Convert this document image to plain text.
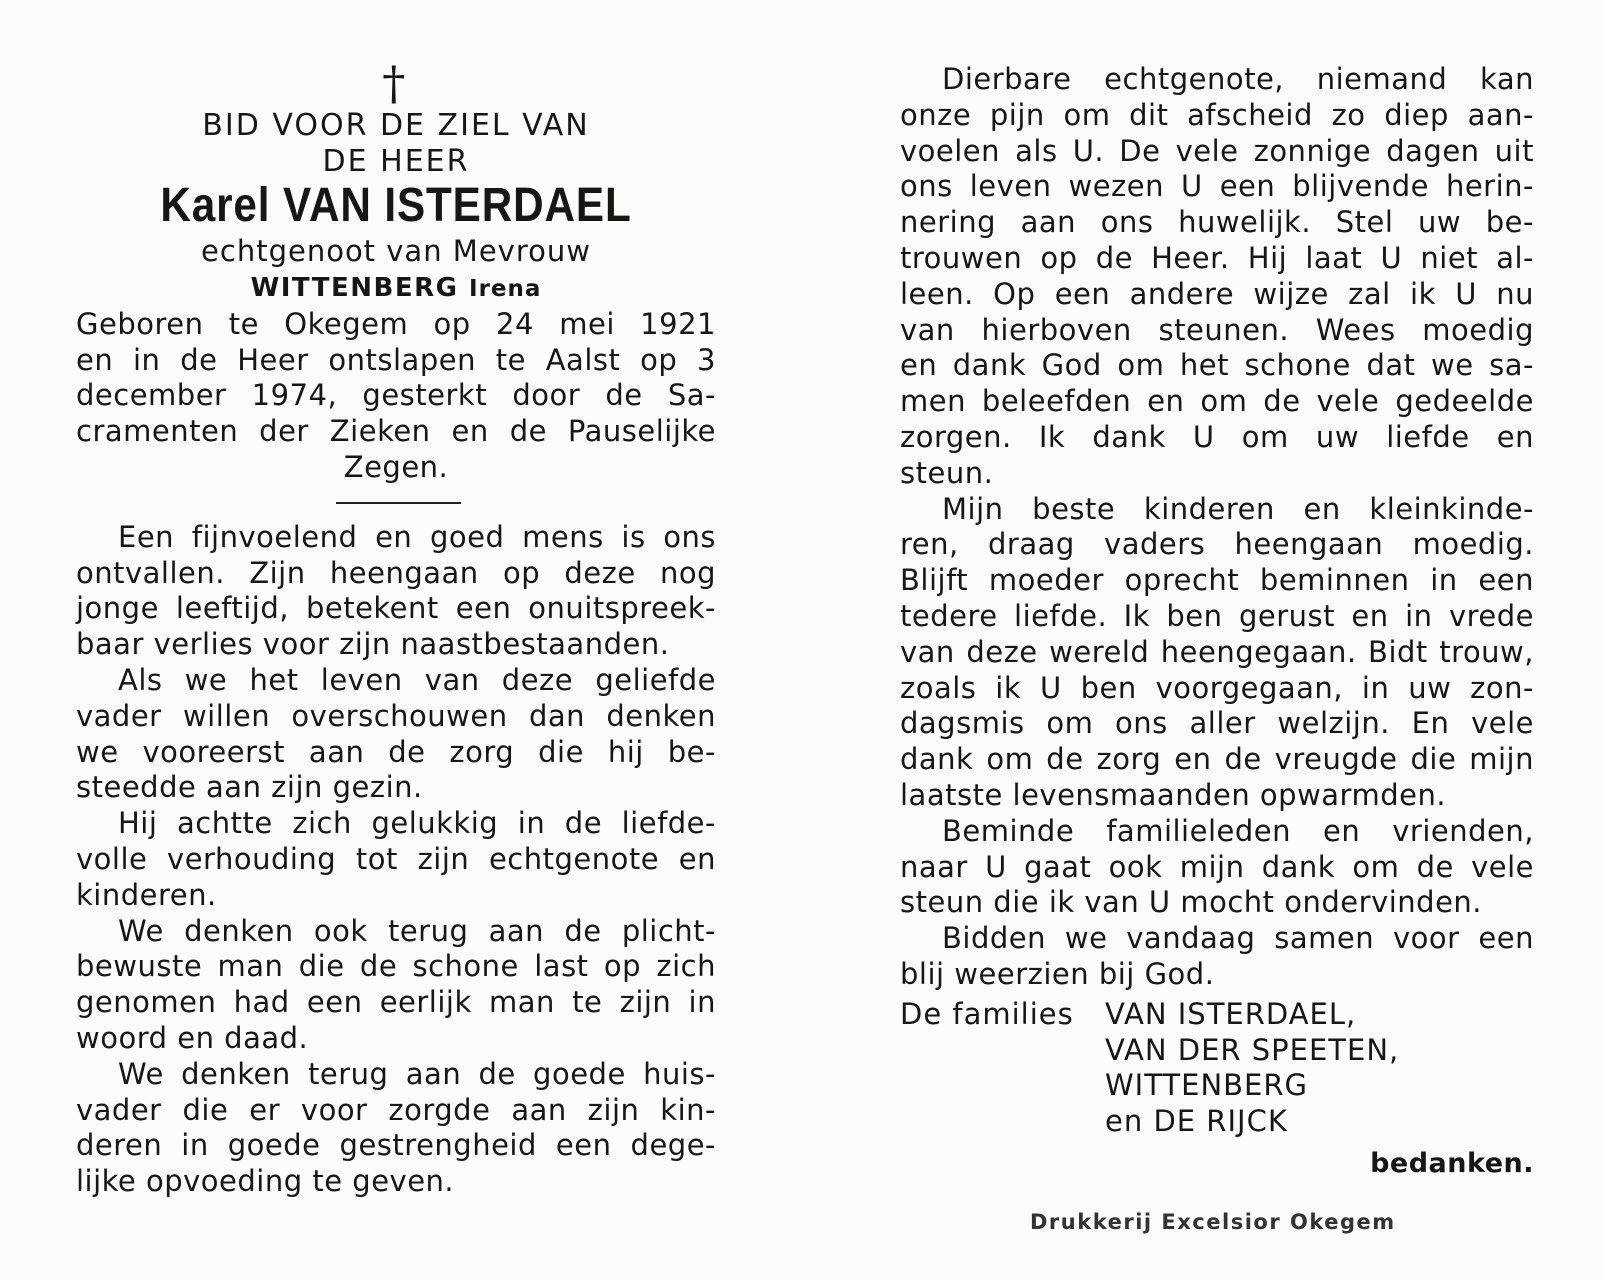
†
BID VOOR DE ZIEL VAN
DE HEER
Karel VAN ISTERDAEL
echtgenoot van Mevrouw
WITTENBERG Irena
Geboren te Okegem op 24 mei 1921
en in de Heer ontslapen te Aalst op 3
december 1974, gesterkt door de Sa-
cramenten der Zieken en de Pauselijke
Zegen.
Een fijnvoelend en goed mens is ons
ontvallen. Zijn heengaan op deze nog
jonge leeftijd, betekent een onuitspreek-
baar verlies voor zijn naastbestaanden.
Als we het leven van deze geliefde
vader willen overschouwen dan denken
we vooreerst aan de zorg die hij be-
steedde aan zijn gezin.
Hij achtte zich gelukkig in de liefde-
volle verhouding tot zijn echtgenote en
kinderen.
We denken ook terug aan de plicht-
bewuste man die de schone last op zich
genomen had een eerlijk man te zijn in
woord en daad.
We denken terug aan de goede huis-
vader die er voor zorgde aan zijn kin-
deren in goede gestrengheid een dege-
lijke opvoeding te geven.
Dierbare echtgenote, niemand kan
onze pijn om dit afscheid zo diep aan-
voelen als U. De vele zonnige dagen uit
ons leven wezen U een blijvende herin-
nering aan ons huwelijk. Stel uw be-
trouwen op de Heer. Hij laat U niet al-
leen. Op een andere wijze zal ik U nu
van hierboven steunen. Wees moedig
en dank God om het schone dat we sa-
men beleefden en om de vele gedeelde
zorgen. Ik dank U om uw liefde en
steun.
Mijn beste kinderen en kleinkinde-
ren, draag vaders heengaan moedig.
Blijft moeder oprecht beminnen in een
tedere liefde. Ik ben gerust en in vrede
van deze wereld heengegaan. Bidt trouw,
zoals ik U ben voorgegaan, in uw zon-
dagsmis om ons aller welzijn. En vele
dank om de zorg en de vreugde die mijn
laatste levensmaanden opwarmden.
Beminde familieleden en vrienden,
naar U gaat ook mijn dank om de vele
steun die ik van U mocht ondervinden.
Bidden we vandaag samen voor een
blij weerzien bij God.
De families	VAN ISTERDAEL,
VAN DER SPEETEN,
WITTENBERG
en DE RIJCK
bedanken.
Drukkerij Excelsior Okegem
